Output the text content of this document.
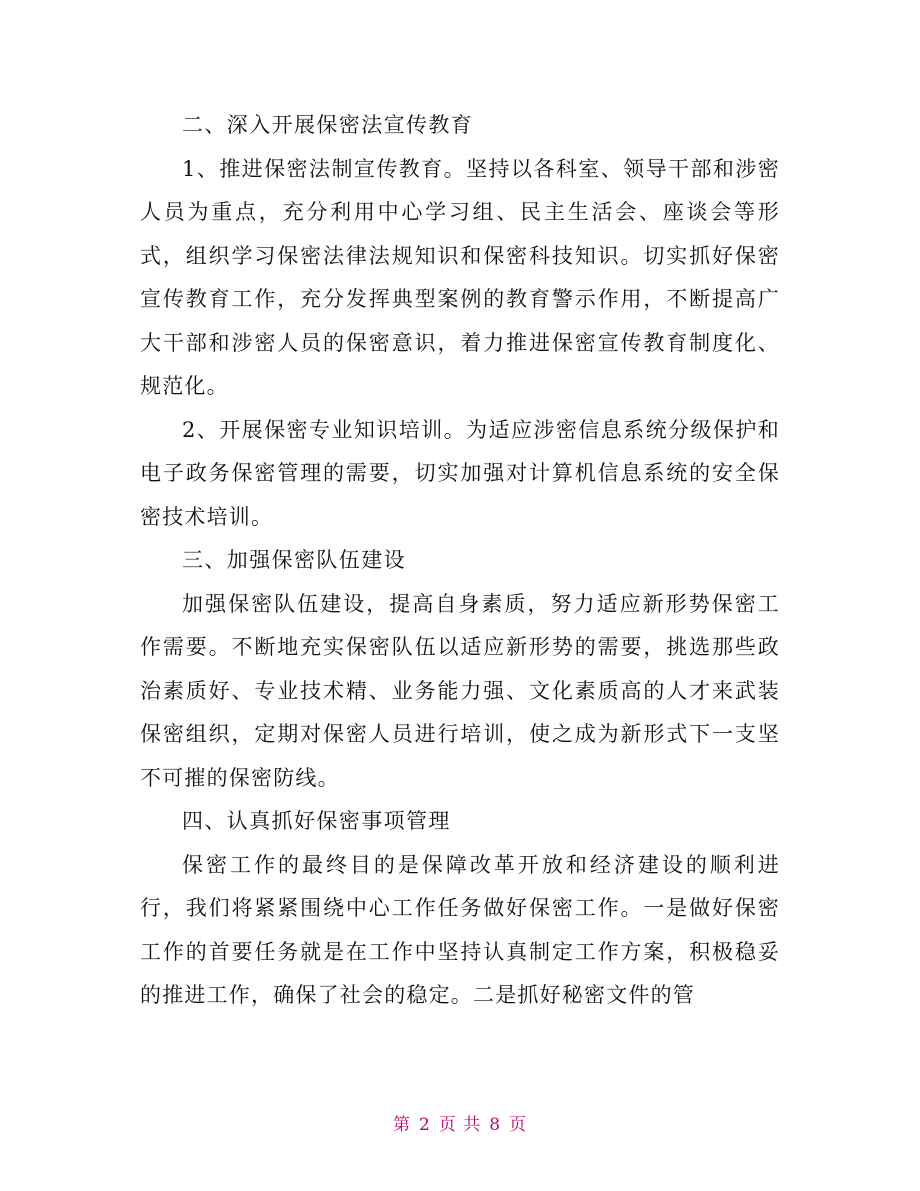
二、深入开展保密法宣传教育

1、推进保密法制宣传教育。坚持以各科室、领导干部和涉密人员为重点，充分利用中心学习组、民主生活会、座谈会等形式，组织学习保密法律法规知识和保密科技知识。切实抓好保密宣传教育工作，充分发挥典型案例的教育警示作用，不断提高广大干部和涉密人员的保密意识，着力推进保密宣传教育制度化、规范化。

2、开展保密专业知识培训。为适应涉密信息系统分级保护和电子政务保密管理的需要，切实加强对计算机信息系统的安全保密技术培训。

三、加强保密队伍建设

加强保密队伍建设，提高自身素质，努力适应新形势保密工作需要。不断地充实保密队伍以适应新形势的需要，挑选那些政治素质好、专业技术精、业务能力强、文化素质高的人才来武装保密组织，定期对保密人员进行培训，使之成为新形式下一支坚不可摧的保密防线。

四、认真抓好保密事项管理

保密工作的最终目的是保障改革开放和经济建设的顺利进行，我们将紧紧围绕中心工作任务做好保密工作。一是做好保密工作的首要任务就是在工作中坚持认真制定工作方案，积极稳妥的推进工作，确保了社会的稳定。二是抓好秘密文件的管

第 2 页 共 8 页
